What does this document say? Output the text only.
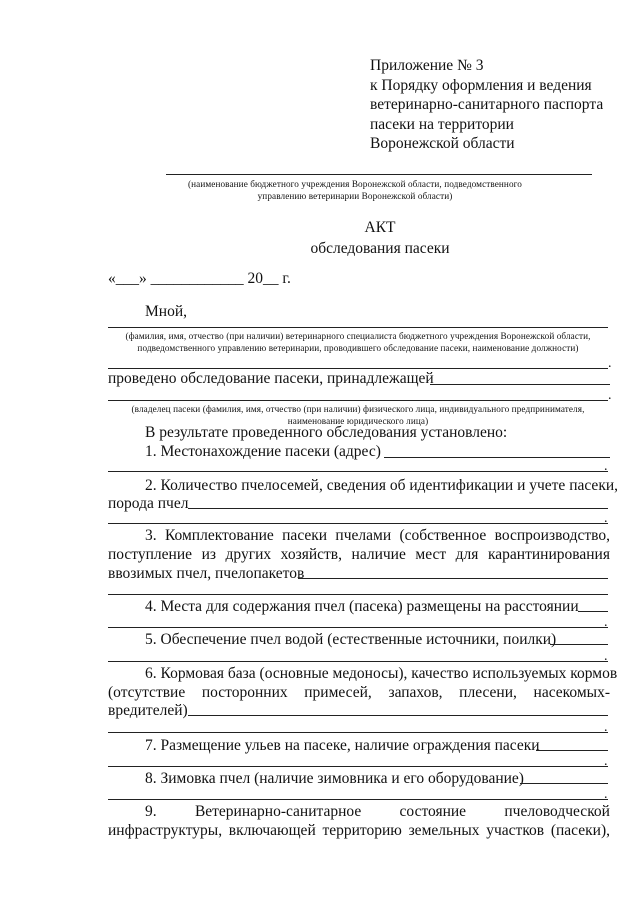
Приложение № 3
к Порядку оформления и ведения
ветеринарно-санитарного паспорта
пасеки на территории
Воронежской области
(наименование бюджетного учреждения Воронежской области, подведомственного
управлению ветеринарии Воронежской области)
АКТ
обследования пасеки
«___» ____________ 20__ г.
Мной,
(фамилия, имя, отчество (при наличии) ветеринарного специалиста бюджетного учреждения Воронежской области,
подведомственного управлению ветеринарии, проводившего обследование пасеки, наименование должности)
.
проведено обследование пасеки, принадлежащей
.
(владелец пасеки (фамилия, имя, отчество (при наличии) физического лица, индивидуального предпринимателя,
наименование юридического лица)
В результате проведенного обследования установлено:
1. Местонахождение пасеки (адрес)
.
2. Количество пчелосемей, сведения об идентификации и учете пасеки,
порода пчел
.
3. Комплектование пасеки пчелами (собственное воспроизводство,
поступление из других хозяйств, наличие мест для карантинирования
ввозимых пчел, пчелопакетов
4. Места для содержания пчел (пасека) размещены на расстоянии
.
5. Обеспечение пчел водой (естественные источники, поилки)
.
6. Кормовая база (основные медоносы), качество используемых кормов
(отсутствие посторонних примесей, запахов, плесени, насекомых-
вредителей)
.
7. Размещение ульев на пасеке, наличие ограждения пасеки
.
8. Зимовка пчел (наличие зимовника и его оборудование)
.
9. Ветеринарно-санитарное состояние пчеловодческой
инфраструктуры, включающей территорию земельных участков (пасеки),
